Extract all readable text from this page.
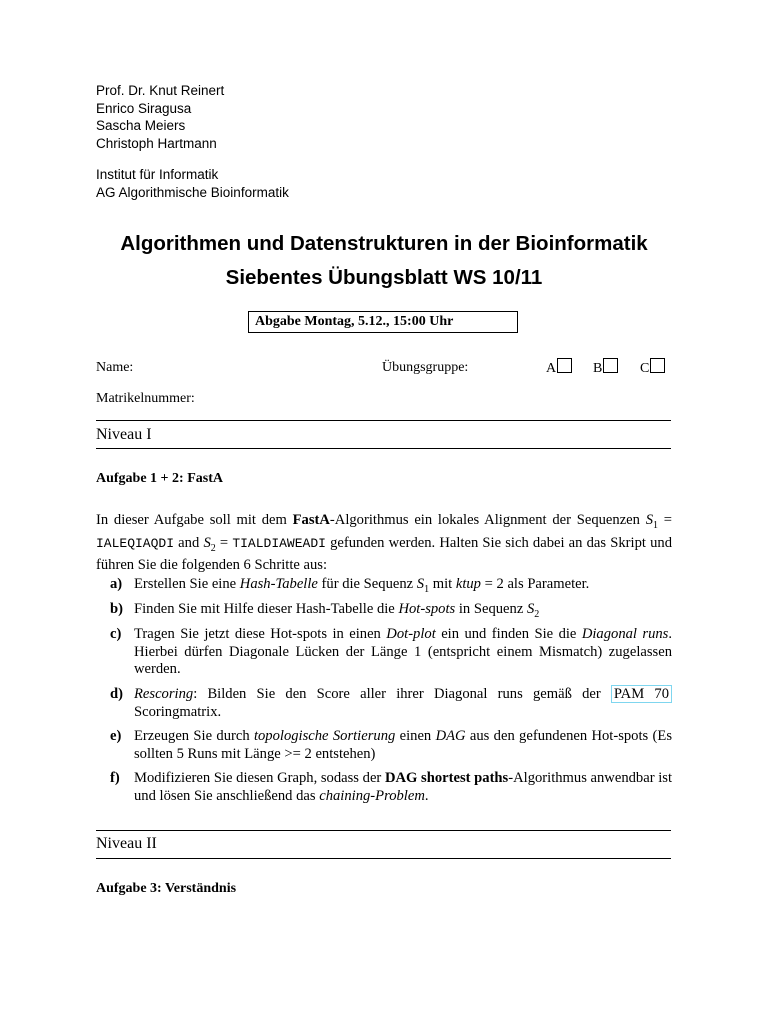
Prof. Dr. Knut Reinert
Enrico Siragusa
Sascha Meiers
Christoph Hartmann
Institut für Informatik
AG Algorithmische Bioinformatik
Algorithmen und Datenstrukturen in der Bioinformatik
Siebentes Übungsblatt WS 10/11
Abgabe Montag, 5.12., 15:00 Uhr
Name:	Übungsgruppe:	A	B	C
Matrikelnummer:
Niveau I
Aufgabe 1 + 2: FastA
In dieser Aufgabe soll mit dem FastA-Algorithmus ein lokales Alignment der Sequenzen $S_1$ = IALEQIAQDI and $S_2$ = TIALDIAWEADI gefunden werden. Halten Sie sich dabei an das Skript und führen Sie die folgenden 6 Schritte aus:
a) Erstellen Sie eine Hash-Tabelle für die Sequenz $S_1$ mit ktup = 2 als Parameter.
b) Finden Sie mit Hilfe dieser Hash-Tabelle die Hot-spots in Sequenz $S_2$
c) Tragen Sie jetzt diese Hot-spots in einen Dot-plot ein und finden Sie die Diagonal runs. Hierbei dürfen Diagonale Lücken der Länge 1 (entspricht einem Mismatch) zugelassen werden.
d) Rescoring: Bilden Sie den Score aller ihrer Diagonal runs gemäß der PAM 70 Scoringmatrix.
e) Erzeugen Sie durch topologische Sortierung einen DAG aus den gefundenen Hot-spots (Es sollten 5 Runs mit Länge >= 2 entstehen)
f) Modifizieren Sie diesen Graph, sodass der DAG shortest paths-Algorithmus anwendbar ist und lösen Sie anschließend das chaining-Problem.
Niveau II
Aufgabe 3: Verständnis
